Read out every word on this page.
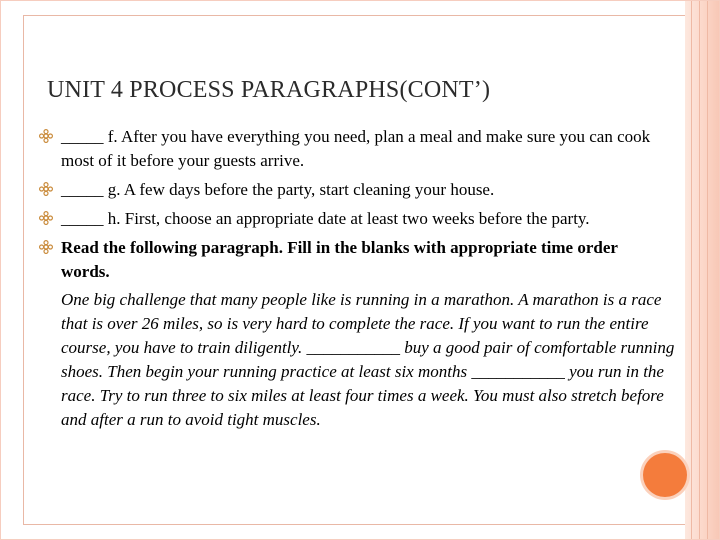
UNIT 4 PROCESS PARAGRAPHS(CONT’)
_____ f. After you have everything you need, plan a meal and make sure you can cook most of it before your guests arrive.
_____ g. A few days before the party, start cleaning your house.
_____ h. First, choose an appropriate date at least two weeks before the party.
Read the following paragraph. Fill in the blanks with appropriate time order words.
One big challenge that many people like is running in a marathon. A marathon is a race that is over 26 miles, so is very hard to complete the race. If you want to run the entire course, you have to train diligently. ___________ buy a good pair of comfortable running shoes. Then begin your running practice at least six months ___________ you run in the race. Try to run three to six miles at least four times a week. You must also stretch before and after a run to avoid tight muscles.
